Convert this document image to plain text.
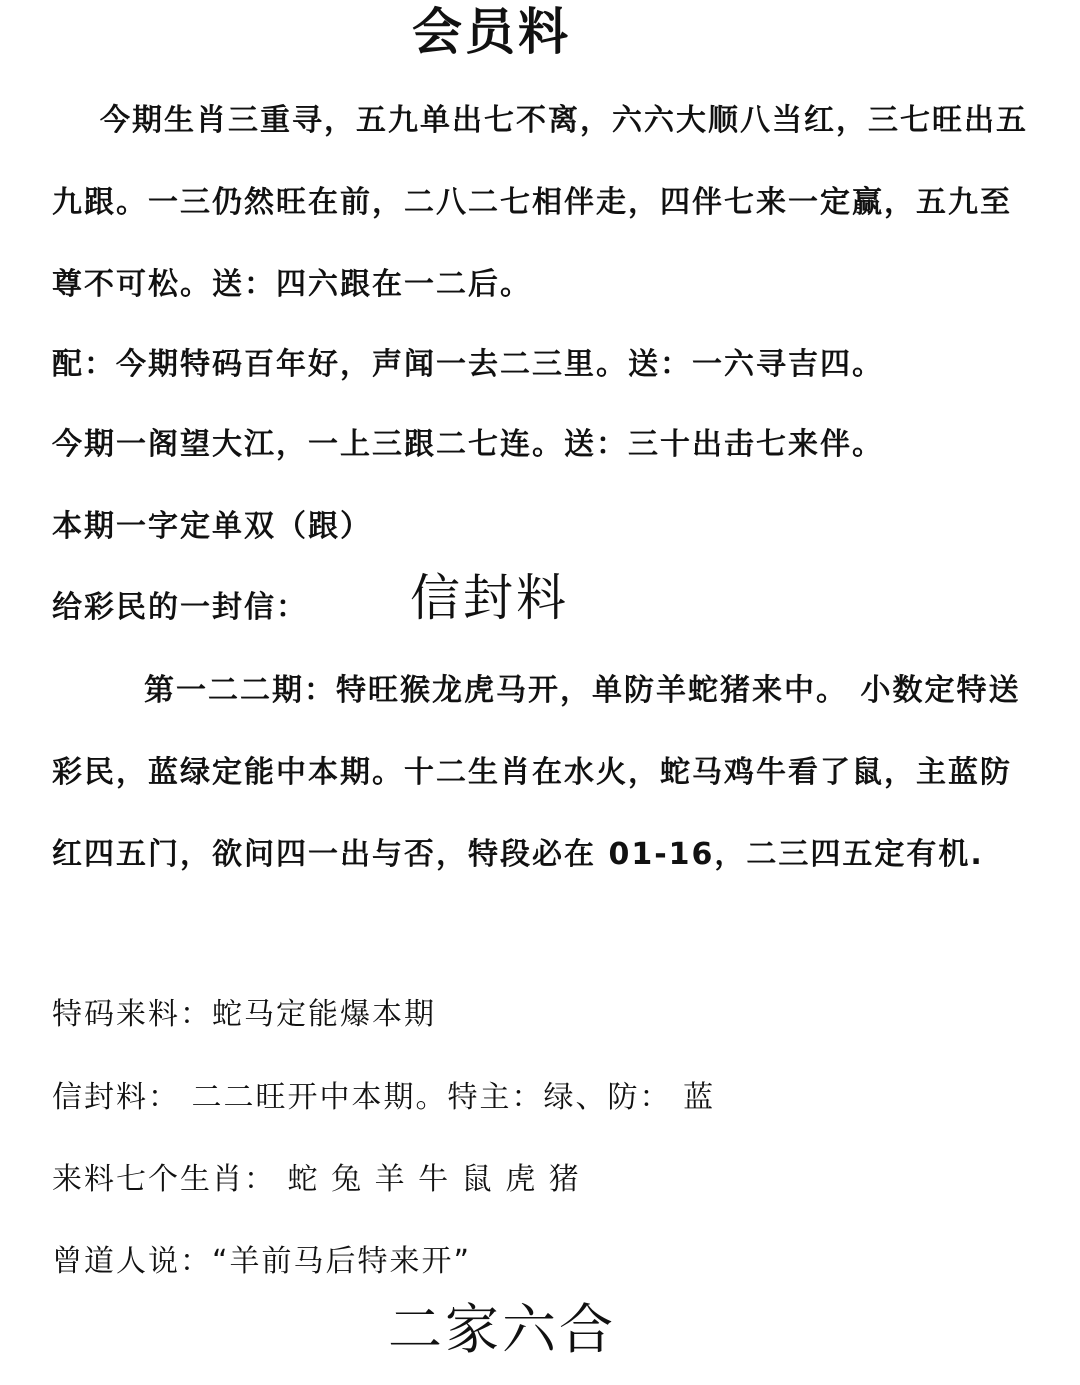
会员料
今期生肖三重寻，五九单出七不离，六六大顺八当红，三七旺出五九跟。一三仍然旺在前，二八二七相伴走，四伴七来一定赢，五九至尊不可松。送：四六跟在一二后。
配：今期特码百年好，声闻一去二三里。送：一六寻吉四。
今期一阁望大江，一上三跟二七连。送：三十出击七来伴。
本期一字定单双（跟）
给彩民的一封信： 信封料
第一二二期：特旺猴龙虎马开，单防羊蛇猪来中。 小数定特送彩民，蓝绿定能中本期。十二生肖在水火，蛇马鸡牛看了鼠，主蓝防红四五门，欲问四一出与否，特段必在 01-16，二三四五定有机.
特码来料：蛇马定能爆本期
信封料： 二二旺开中本期。特主：绿、防： 蓝
来料七个生肖： 蛇 兔 羊 牛 鼠 虎 猪
曾道人说：“羊前马后特来开”
二家六合
